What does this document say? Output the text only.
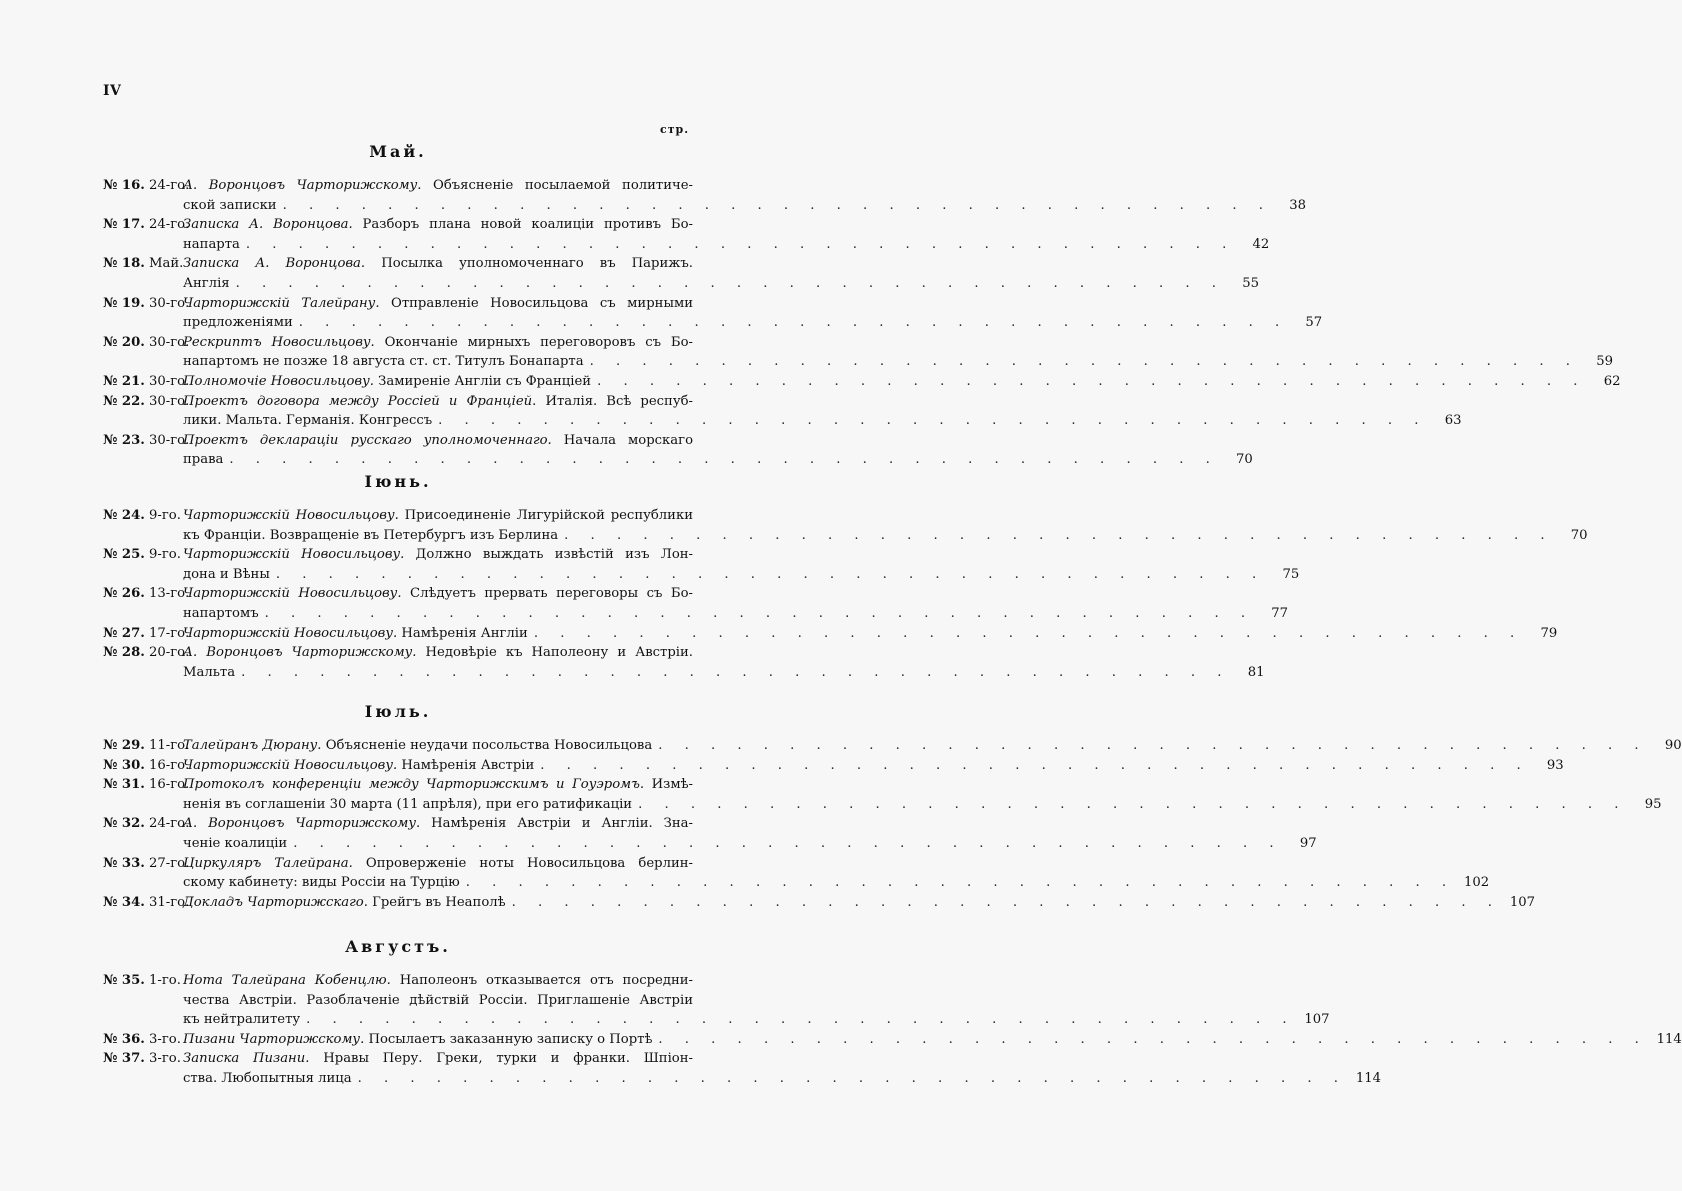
IV
стр.
Май.
№ 16. 24-го.
А. Воронцовъ Чарторижскому. Объясненіе посылаемой политиче-
ской записки . . . . . . . . . . . . . . . . . . . . . . . . . . . . . . . . . . . . . .	38
№ 17. 24-го.
Записка А. Воронцова. Разборъ плана новой коалиціи противъ Бо-
напарта . . . . . . . . . . . . . . . . . . . . . . . . . . . . . . . . . . . . . .	42
№ 18. Май. Записка А. Воронцова. Посылка уполномоченнаго въ Парижъ.
Англія . . . . . . . . . . . . . . . . . . . . . . . . . . . . . . . . . . . . . .	55
№ 19. 30-го.
Чарторижскій Талейрану. Отправленіе Новосильцова съ мирными
предложеніями . . . . . . . . . . . . . . . . . . . . . . . . . . . . . . . . . . . . . .	57
№ 20. 30-го.
Рескриптъ Новосильцову. Окончаніе мирныхъ переговоровъ съ Бо-
напартомъ не позже 18 августа ст. ст. Титулъ Бонапарта . . . . . . . . . . . . . . . . . . . . . . . . . . . . . . . . . . . . . .	59
№ 21. 30-го.
Полномочіе Новосильцову. Замиреніе Англіи съ Франціей . . . . . . . . . . . . . . . . . . . . . . . . . . . . . . . . . . . . . .	62
№ 22. 30-го.
Проектъ договора между Россіей и Франціей. Италія. Всѣ респуб-
лики. Мальта. Германія. Конгрессъ . . . . . . . . . . . . . . . . . . . . . . . . . . . . . . . . . . . . . .	63
№ 23. 30-го.
Проектъ декларацiи русскаго уполномоченнаго. Начала морскаго
права . . . . . . . . . . . . . . . . . . . . . . . . . . . . . . . . . . . . . .	70
Іюнь.
№ 24. 9-го. Чарторижскій Новосильцову. Присоединеніе Лигурійской республики
къ Франціи. Возвращеніе въ Петербургъ изъ Берлина . . . . . . . . . . . . . . . . . . . . . . . . . . . . . . . . . . . . . .	70
№ 25. 9-го. Чарторижскій Новосильцову. Должно выждать извѣстій изъ Лон-
дона и Вѣны . . . . . . . . . . . . . . . . . . . . . . . . . . . . . . . . . . . . . .	75
№ 26. 13-го.
Чарторижскій Новосильцову. Слѣдуетъ прервать переговоры съ Бо-
напартомъ . . . . . . . . . . . . . . . . . . . . . . . . . . . . . . . . . . . . . .	77
№ 27. 17-го.
Чарторижскій Новосильцову. Намѣренія Англіи . . . . . . . . . . . . . . . . . . . . . . . . . . . . . . . . . . . . . .	79
№ 28. 20-го.
А. Воронцовъ Чарторижскому. Недовѣріе къ Наполеону и Австріи.
Мальта . . . . . . . . . . . . . . . . . . . . . . . . . . . . . . . . . . . . . .	81
Іюль.
№ 29. 11-го.
Талейранъ Дюрану. Объясненіе неудачи посольства Новосильцова . . . . . . . . . . . . . . . . . . . . . . . . . . . . . . . . . . . . . .	90
№ 30. 16-го.
Чарторижскій Новосильцову. Намѣренія Австріи . . . . . . . . . . . . . . . . . . . . . . . . . . . . . . . . . . . . . .	93
№ 31. 16-го.
Протоколъ конференціи между Чарторижскимъ и Гоуэромъ. Измѣ-
ненія въ соглашеніи 30 марта (11 апрѣля), при его ратификаціи . . . . . . . . . . . . . . . . . . . . . . . . . . . . . . . . . . . . . .	95
№ 32. 24-го.
А. Воронцовъ Чарторижскому. Намѣренія Австріи и Англіи. Зна-
ченіе коалиціи . . . . . . . . . . . . . . . . . . . . . . . . . . . . . . . . . . . . . .	97
№ 33. 27-го.
Циркуляръ Талейрана. Опроверженіе ноты Новосильцова берлин-
скому кабинету: виды Россіи на Турцію . . . . . . . . . . . . . . . . . . . . . . . . . . . . . . . . . . . . . . 102
№ 34. 31-го.
Докладъ Чарторижскаго. Грейгъ въ Неаполѣ . . . . . . . . . . . . . . . . . . . . . . . . . . . . . . . . . . . . . . 107
Августъ.
№ 35. 1-го. Нота Талейрана Кобенцлю. Наполеонъ отказывается отъ посредни-
чества Австріи. Разоблаченіе дѣйствій Россіи. Приглашеніе Австріи
къ нейтралитету . . . . . . . . . . . . . . . . . . . . . . . . . . . . . . . . . . . . . . 107
№ 36. 3-го. Пизани Чарторижскому. Посылаетъ заказанную записку о Портѣ . . . . . . . . . . . . . . . . . . . . . . . . . . . . . . . . . . . . . . 114
№ 37. 3-го. Записка Пизани. Нравы Перу. Греки, турки и франки. Шпіон-
ства. Любопытныя лица . . . . . . . . . . . . . . . . . . . . . . . . . . . . . . . . . . . . . . 114
